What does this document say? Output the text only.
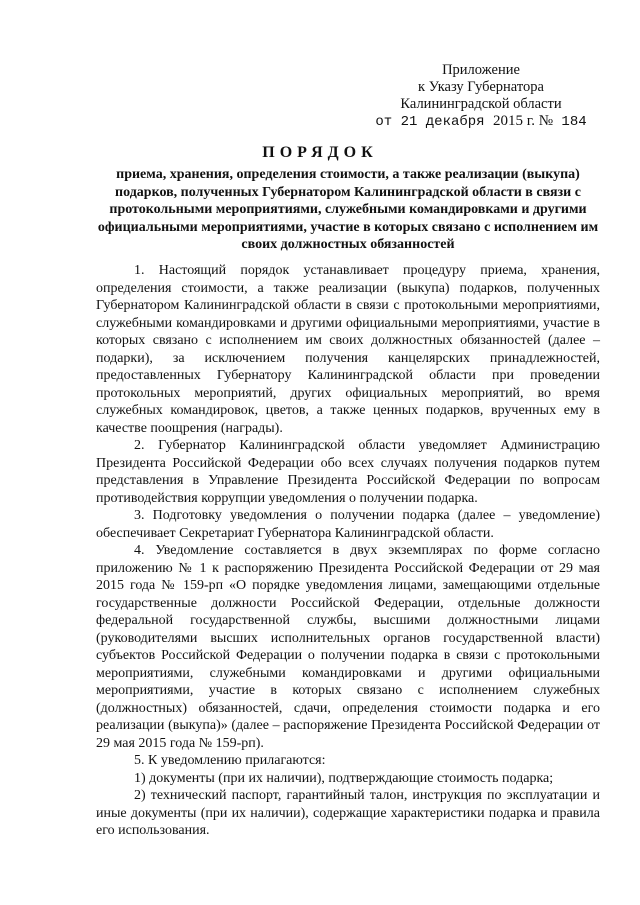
Приложение
к Указу Губернатора
Калининградской области
от 21 декабря 2015 г. № 184
ПОРЯДОК
приема, хранения, определения стоимости, а также реализации (выкупа) подарков, полученных Губернатором Калининградской области в связи с протокольными мероприятиями, служебными командировками и другими официальными мероприятиями, участие в которых связано с исполнением им своих должностных обязанностей

1. Настоящий порядок устанавливает процедуру приема, хранения, определения стоимости, а также реализации (выкупа) подарков, полученных Губернатором Калининградской области в связи с протокольными мероприятиями, служебными командировками и другими официальными мероприятиями, участие в которых связано с исполнением им своих должностных обязанностей (далее – подарки), за исключением получения канцелярских принадлежностей, предоставленных Губернатору Калининградской области при проведении протокольных мероприятий, других официальных мероприятий, во время служебных командировок, цветов, а также ценных подарков, врученных ему в качестве поощрения (награды).

2. Губернатор Калининградской области уведомляет Администрацию Президента Российской Федерации обо всех случаях получения подарков путем представления в Управление Президента Российской Федерации по вопросам противодействия коррупции уведомления о получении подарка.

3. Подготовку уведомления о получении подарка (далее – уведомление) обеспечивает Секретариат Губернатора Калининградской области.

4. Уведомление составляется в двух экземплярах по форме согласно приложению № 1 к распоряжению Президента Российской Федерации от 29 мая 2015 года № 159-рп «О порядке уведомления лицами, замещающими отдельные государственные должности Российской Федерации, отдельные должности федеральной государственной службы, высшими должностными лицами (руководителями высших исполнительных органов государственной власти) субъектов Российской Федерации о получении подарка в связи с протокольными мероприятиями, служебными командировками и другими официальными мероприятиями, участие в которых связано с исполнением служебных (должностных) обязанностей, сдачи, определения стоимости подарка и его реализации (выкупа)» (далее – распоряжение Президента Российской Федерации от 29 мая 2015 года № 159-рп).

5. К уведомлению прилагаются:

1) документы (при их наличии), подтверждающие стоимость подарка;

2) технический паспорт, гарантийный талон, инструкция по эксплуатации и иные документы (при их наличии), содержащие характеристики подарка и правила его использования.
